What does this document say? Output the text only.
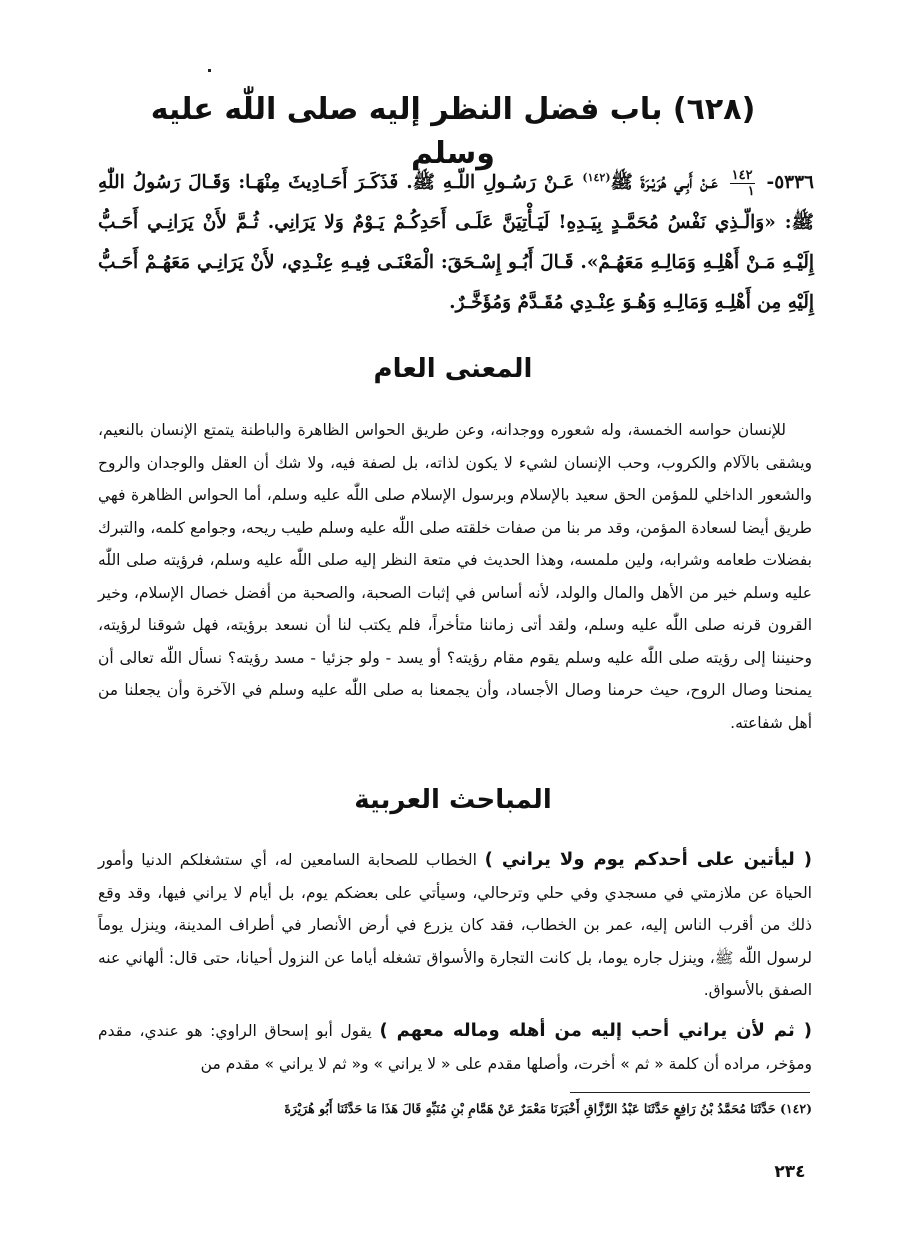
(٦٢٨) باب فضل النظر إليه صلى اللّٰه عليه وسلم
٥٣٣٦-
$\frac{١٤٢}{١}$
عَـنْ أَبِـي هُرَيْـرَةَ ﷺ$^{(١٤٢)}$ عَـنْ رَسُـولِ اللّـهِ ﷺ. فَذَكَـرَ أَحَـادِيثَ مِنْهَـا: وَقَـالَ رَسُولُ اللّٰهِ ﷺ: «وَالّـذِي نَفْسُ مُحَمَّـدٍ بِيَـدِهِ! لَيَـأْتِيَنَّ عَلَـى أَحَدِكُـمْ يَـوْمٌ وَلا يَرَانِي. ثُـمَّ لأَنْ يَرَانِـي أَحَـبُّ إِلَيْـهِ مَـنْ أَهْلِـهِ وَمَالِـهِ مَعَهُـمْ». قَـالَ أَبُـو إِسْـحَقَ: الْمَعْنَـى فِيـهِ عِنْـدِي، لأَنْ يَرَانِـي مَعَهُـمْ أَحَـبُّ إِلَيْهِ مِن أَهْلِـهِ وَمَالِـهِ وَهُـوَ عِنْـدِي مُقَـدَّمٌ وَمُؤَخَّـرٌ.
المعنى العام

للإنسان حواسه الخمسة، وله شعوره ووجدانه، وعن طريق الحواس الظاهرة والباطنة يتمتع الإنسان بالنعيم، ويشقى بالآلام والكروب، وحب الإنسان لشيء لا يكون لذاته، بل لصفة فيه، ولا شك أن العقل والوجدان والروح والشعور الداخلي للمؤمن الحق سعيد بالإسلام وبرسول الإسلام صلى اللّٰه عليه وسلم، أما الحواس الظاهرة فهي طريق أيضا لسعادة المؤمن، وقد مر بنا من صفات خلقته صلى اللّٰه عليه وسلم طيب ريحه، وجوامع كلمه، والتبرك بفضلات طعامه وشرابه، ولين ملمسه، وهذا الحديث في متعة النظر إليه صلى اللّٰه عليه وسلم، فرؤيته صلى اللّٰه عليه وسلم خير من الأهل والمال والولد، لأنه أساس في إثبات الصحبة، والصحبة من أفضل خصال الإسلام، وخير القرون قرنه صلى اللّٰه عليه وسلم، ولقد أتى زماننا متأخراً، فلم يكتب لنا أن نسعد برؤيته، فهل شوقنا لرؤيته، وحنيننا إلى رؤيته صلى اللّٰه عليه وسلم يقوم مقام رؤيته؟ أو يسد - ولو جزئيا - مسد رؤيته؟ نسأل اللّٰه تعالى أن يمنحنا وصال الروح، حيث حرمنا وصال الأجساد، وأن يجمعنا به صلى اللّٰه عليه وسلم في الآخرة وأن يجعلنا من أهل شفاعته.

المباحث العربية

( ليأتين على أحدكم يوم ولا يراني ) الخطاب للصحابة السامعين له، أي ستشغلكم الدنيا وأمور الحياة عن ملازمتي في مسجدي وفي حلي وترحالي، وسيأتي على بعضكم يوم، بل أيام لا يراني فيها، وقد وقع ذلك من أقرب الناس إليه، عمر بن الخطاب، فقد كان يزرع في أرض الأنصار في أطراف المدينة، وينزل يوماً لرسول اللّٰه ﷺ، وينزل جاره يوما، بل كانت التجارة والأسواق تشغله أياما عن النزول أحيانا، حتى قال: ألهاني عنه الصفق بالأسواق.

( ثم لأن يراني أحب إليه من أهله وماله معهم ) يقول أبو إسحاق الراوي: هو عندي، مقدم ومؤخر، مراده أن كلمة « ثم » أخرت، وأصلها مقدم على « لا يراني » و« ثم لا يراني » مقدم من

(١٤٢) حَدَّثَنَا مُحَمَّدُ بْنُ رَافِعٍ حَدَّثَنَا عَبْدُ الرَّزَّاقِ أَخْبَرَنَا مَعْمَرٌ عَنْ هَمَّامِ بْنِ مُنَبِّهٍ قَالَ هَذَا مَا حَدَّثَنَا أَبُو هُرَيْرَةَ
٢٣٤
